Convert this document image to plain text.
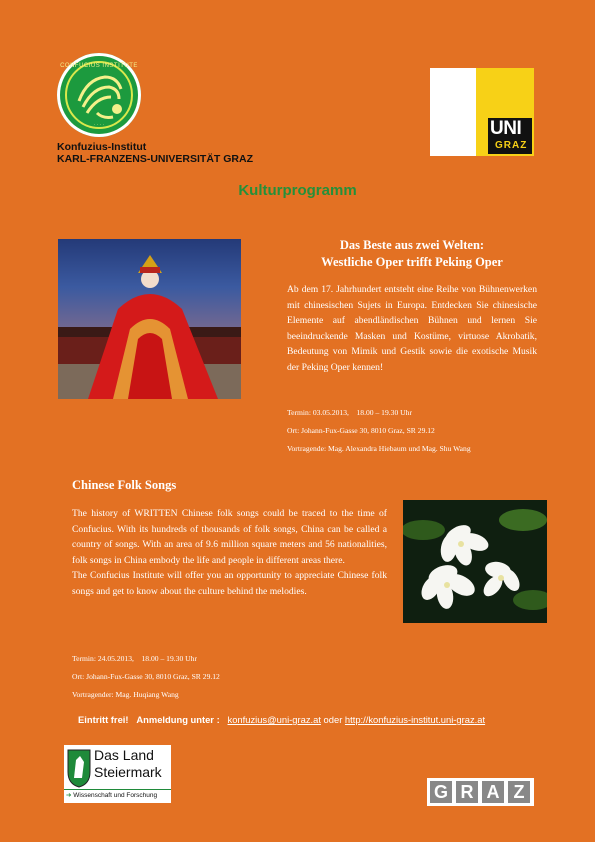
CONFUCIUS INSTITUTE
· · · ·
Konfuzius-Institut
KARL-FRANZENS-UNIVERSITÄT GRAZ
UNI
GRAZ
Kulturprogramm
Das Beste aus zwei Welten:
Westliche Oper trifft Peking Oper
Ab dem 17. Jahrhundert entsteht eine Reihe von Bühnenwerken mit chinesischen Sujets in Europa. Entdecken Sie chinesische Elemente auf abendländischen Bühnen und lernen Sie beeindruckende Masken und Kostüme, virtuose Akrobatik, Bedeutung von Mimik und Gestik sowie die exotische Musik der Peking Oper kennen!
Termin: 03.05.2013,    18.00 – 19.30 Uhr
Ort: Johann-Fux-Gasse 30, 8010 Graz, SR 29.12
Vortragende: Mag. Alexandra Hiebaum und Mag. Shu Wang
Chinese Folk Songs
The history of WRITTEN Chinese folk songs could be traced to the time of Confucius. With its hundreds of thousands of folk songs, China can be called a country of songs. With an area of 9.6 million square meters and 56 nationalities, folk songs in China embody the life and people in different areas there.
The Confucius Institute will offer you an opportunity to appreciate Chinese folk songs and get to know about the culture behind the melodies.
Termin: 24.05.2013,    18.00 – 19.30 Uhr
Ort: Johann-Fux-Gasse 30, 8010 Graz, SR 29.12
Vortragender: Mag. Huqiang Wang
Eintritt frei! Anmeldung unter : konfuzius@uni-graz.at oder http://konfuzius-institut.uni-graz.at
Das Land
Steiermark
➔ Wissenschaft und Forschung	G R A Z
